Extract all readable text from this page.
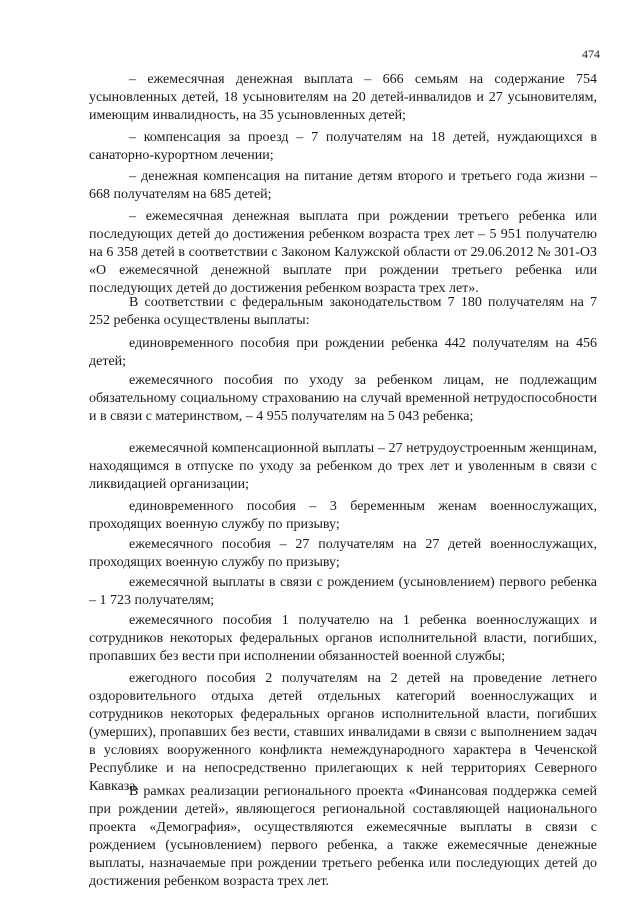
474

– ежемесячная денежная выплата – 666 семьям на содержание 754 усыновленных детей, 18 усыновителям на 20 детей-инвалидов и 27 усыновителям, имеющим инвалидность, на 35 усыновленных детей;

– компенсация за проезд – 7 получателям на 18 детей, нуждающихся в санаторно-курортном лечении;

– денежная компенсация на питание детям второго и третьего года жизни – 668 получателям на 685 детей;

– ежемесячная денежная выплата при рождении третьего ребенка или последующих детей до достижения ребенком возраста трех лет – 5 951 получателю на 6 358 детей в соответствии с Законом Калужской области от 29.06.2012 № 301-ОЗ «О ежемесячной денежной выплате при рождении третьего ребенка или последующих детей до достижения ребенком возраста трех лет».

В соответствии с федеральным законодательством 7 180 получателям на 7 252 ребенка осуществлены выплаты:

единовременного пособия при рождении ребенка 442 получателям на 456 детей;

ежемесячного пособия по уходу за ребенком лицам, не подлежащим обязательному социальному страхованию на случай временной нетрудоспособности и в связи с материнством, – 4 955 получателям на 5 043 ребенка;

ежемесячной компенсационной выплаты – 27 нетрудоустроенным женщинам, находящимся в отпуске по уходу за ребенком до трех лет и уволенным в связи с ликвидацией организации;

единовременного пособия – 3 беременным женам военнослужащих, проходящих военную службу по призыву;

ежемесячного пособия – 27 получателям на 27 детей военнослужащих, проходящих военную службу по призыву;

ежемесячной выплаты в связи с рождением (усыновлением) первого ребенка – 1 723 получателям;

ежемесячного пособия 1 получателю на 1 ребенка военнослужащих и сотрудников некоторых федеральных органов исполнительной власти, погибших, пропавших без вести при исполнении обязанностей военной службы;

ежегодного пособия 2 получателям на 2 детей на проведение летнего оздоровительного отдыха детей отдельных категорий военнослужащих и сотрудников некоторых федеральных органов исполнительной власти, погибших (умерших), пропавших без вести, ставших инвалидами в связи с выполнением задач в условиях вооруженного конфликта немеждународного характера в Чеченской Республике и на непосредственно прилегающих к ней территориях Северного Кавказа.

В рамках реализации регионального проекта «Финансовая поддержка семей при рождении детей», являющегося региональной составляющей национального проекта «Демография», осуществляются ежемесячные выплаты в связи с рождением (усыновлением) первого ребенка, а также ежемесячные денежные выплаты, назначаемые при рождении третьего ребенка или последующих детей до достижения ребенком возраста трех лет.
